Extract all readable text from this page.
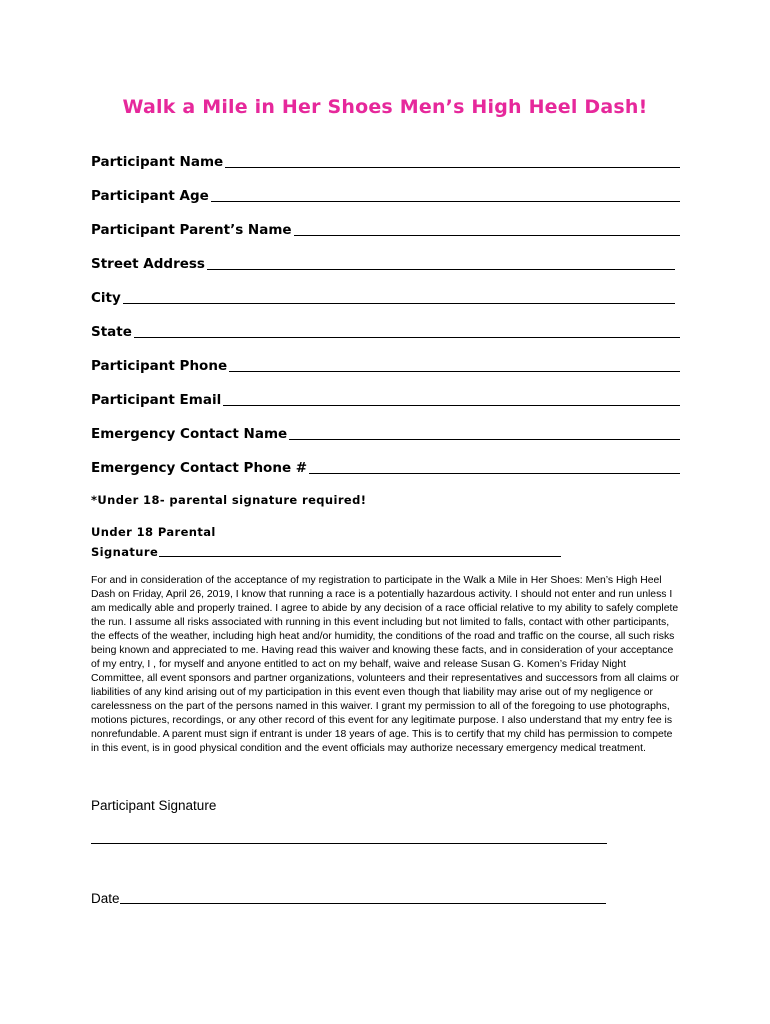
Walk a Mile in Her Shoes Men’s High Heel Dash!
Participant Name
Participant Age
Participant Parent’s Name
Street Address
City
State
Participant Phone
Participant Email
Emergency Contact Name
Emergency Contact Phone #
*Under 18- parental signature required!
Under 18 Parental
Signature

For and in consideration of the acceptance of my registration to participate in the Walk a Mile in Her Shoes: Men’s High Heel Dash on Friday, April 26, 2019, I know that running a race is a potentially hazardous activity. I should not enter and run unless I am medically able and properly trained. I agree to abide by any decision of a race official relative to my ability to safely complete the run. I assume all risks associated with running in this event including but not limited to falls, contact with other participants, the effects of the weather, including high heat and/or humidity, the conditions of the road and traffic on the course, all such risks being known and appreciated to me. Having read this waiver and knowing these facts, and in consideration of your acceptance of my entry, I , for myself and anyone entitled to act on my behalf, waive and release Susan G. Komen’s Friday Night Committee, all event sponsors and partner organizations, volunteers and their representatives and successors from all claims or liabilities of any kind arising out of my participation in this event even though that liability may arise out of my negligence or carelessness on the part of the persons named in this waiver. I grant my permission to all of the foregoing to use photographs, motions pictures, recordings, or any other record of this event for any legitimate purpose. I also understand that my entry fee is nonrefundable. A parent must sign if entrant is under 18 years of age. This is to certify that my child has permission to compete in this event, is in good physical condition and the event officials may authorize necessary emergency medical treatment.

Participant Signature
Date
